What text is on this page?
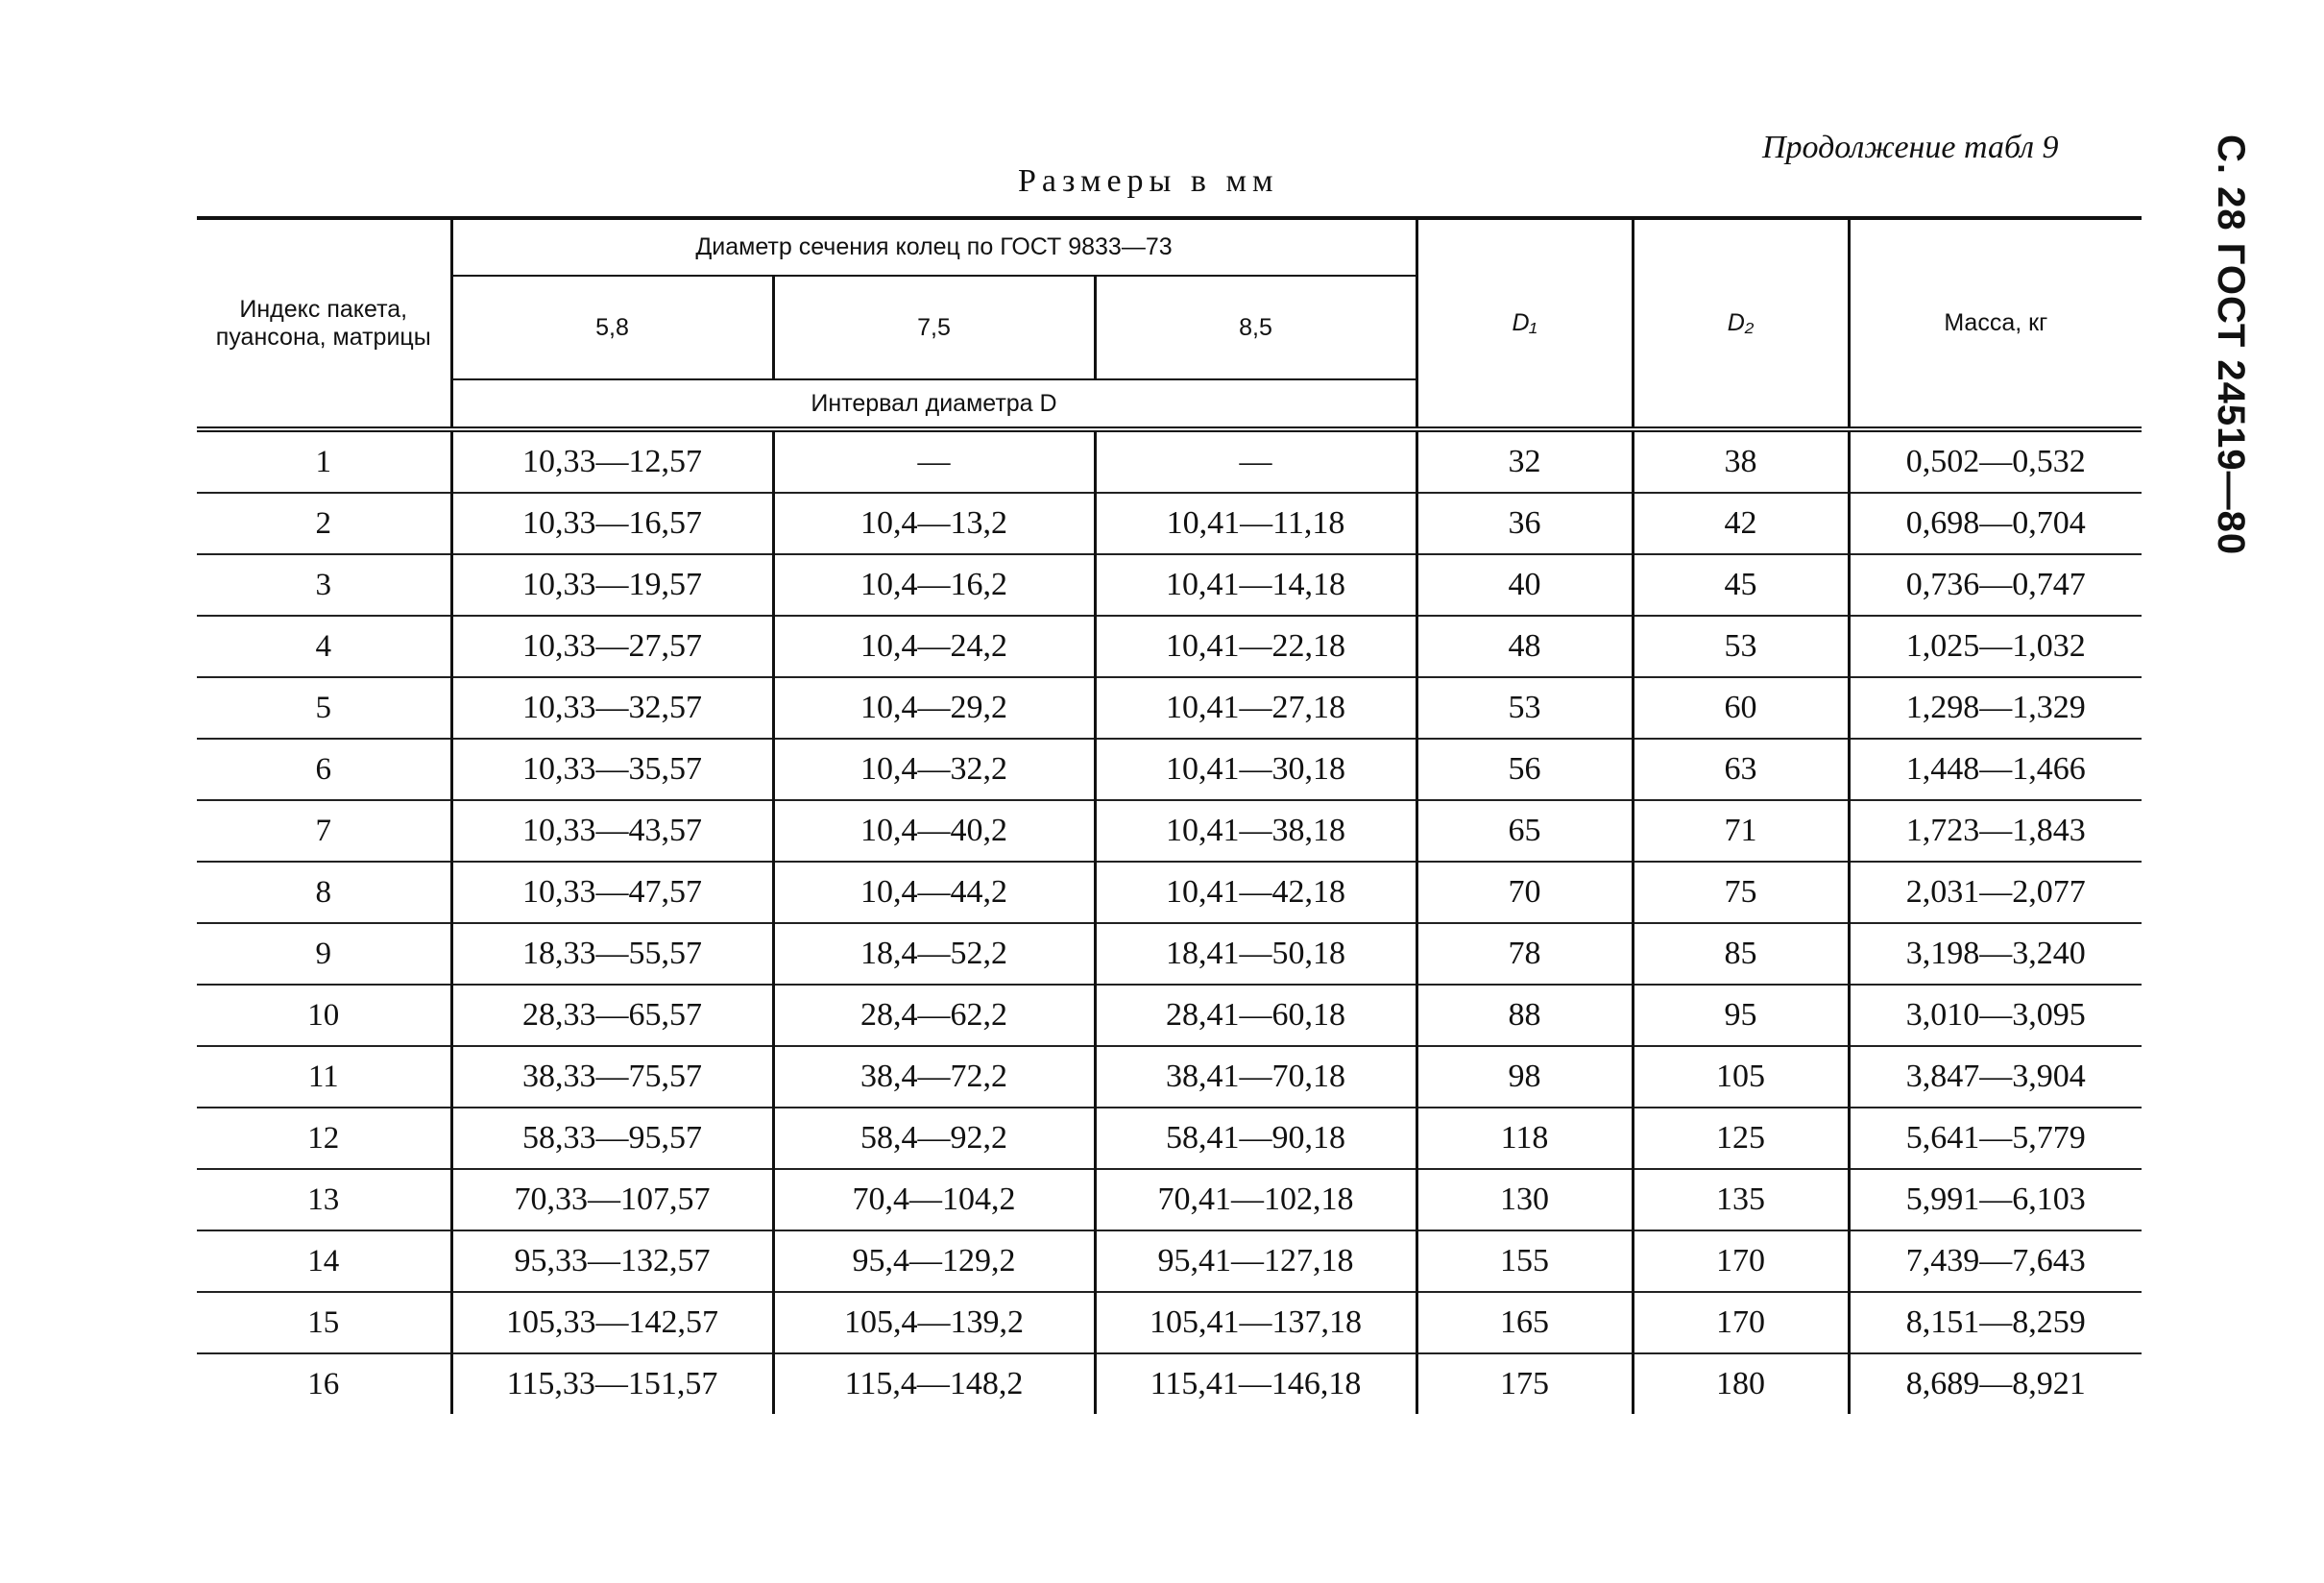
С. 28 ГОСТ 24519—80
Продолжение табл 9
Размеры в мм
Индекс пакета, пуансона, матрицы	Диаметр сечения колец по ГОСТ 9833—73			D₁	D₂	Масса, кг
	5,8	7,5	8,5			
	Интервал диаметра D					
1	10,33—12,57	—	—	32	38	0,502—0,532
2	10,33—16,57	10,4—13,2	10,41—11,18	36	42	0,698—0,704
3	10,33—19,57	10,4—16,2	10,41—14,18	40	45	0,736—0,747
4	10,33—27,57	10,4—24,2	10,41—22,18	48	53	1,025—1,032
5	10,33—32,57	10,4—29,2	10,41—27,18	53	60	1,298—1,329
6	10,33—35,57	10,4—32,2	10,41—30,18	56	63	1,448—1,466
7	10,33—43,57	10,4—40,2	10,41—38,18	65	71	1,723—1,843
8	10,33—47,57	10,4—44,2	10,41—42,18	70	75	2,031—2,077
9	18,33—55,57	18,4—52,2	18,41—50,18	78	85	3,198—3,240
10	28,33—65,57	28,4—62,2	28,41—60,18	88	95	3,010—3,095
11	38,33—75,57	38,4—72,2	38,41—70,18	98	105	3,847—3,904
12	58,33—95,57	58,4—92,2	58,41—90,18	118	125	5,641—5,779
13	70,33—107,57	70,4—104,2	70,41—102,18	130	135	5,991—6,103
14	95,33—132,57	95,4—129,2	95,41—127,18	155	170	7,439—7,643
15	105,33—142,57	105,4—139,2	105,41—137,18	165	170	8,151—8,259
16	115,33—151,57	115,4—148,2	115,41—146,18	175	180	8,689—8,921
